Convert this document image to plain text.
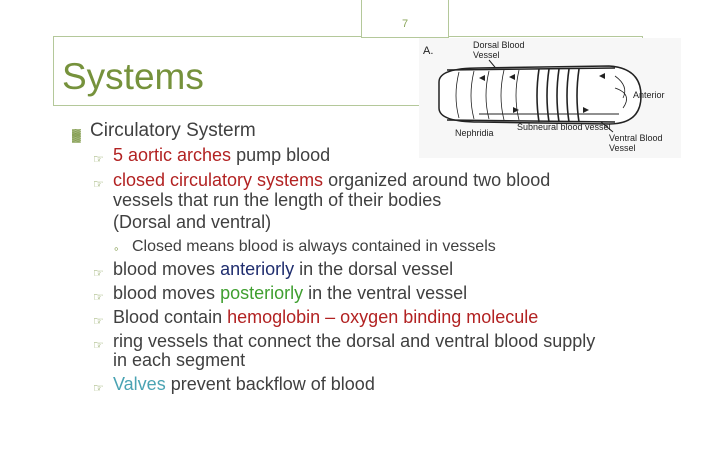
Systems
7
A.	Dorsal Blood
Vessel
Anterior
Subneural blood vessel
Nephridia	Ventral Blood
Vessel
▓ Circulatory Systerm
☞ 5 aortic arches pump blood
☞ closed circulatory systems organized around two blood
vessels that run the length of their bodies
(Dorsal and ventral)
◦ Closed means blood is always contained in vessels
☞ blood moves anteriorly in the dorsal vessel
☞ blood moves posteriorly in the ventral vessel
☞ Blood contain hemoglobin – oxygen binding molecule
☞ ring vessels that connect the dorsal and ventral blood supply
in each segment
☞ Valves prevent backflow of blood
